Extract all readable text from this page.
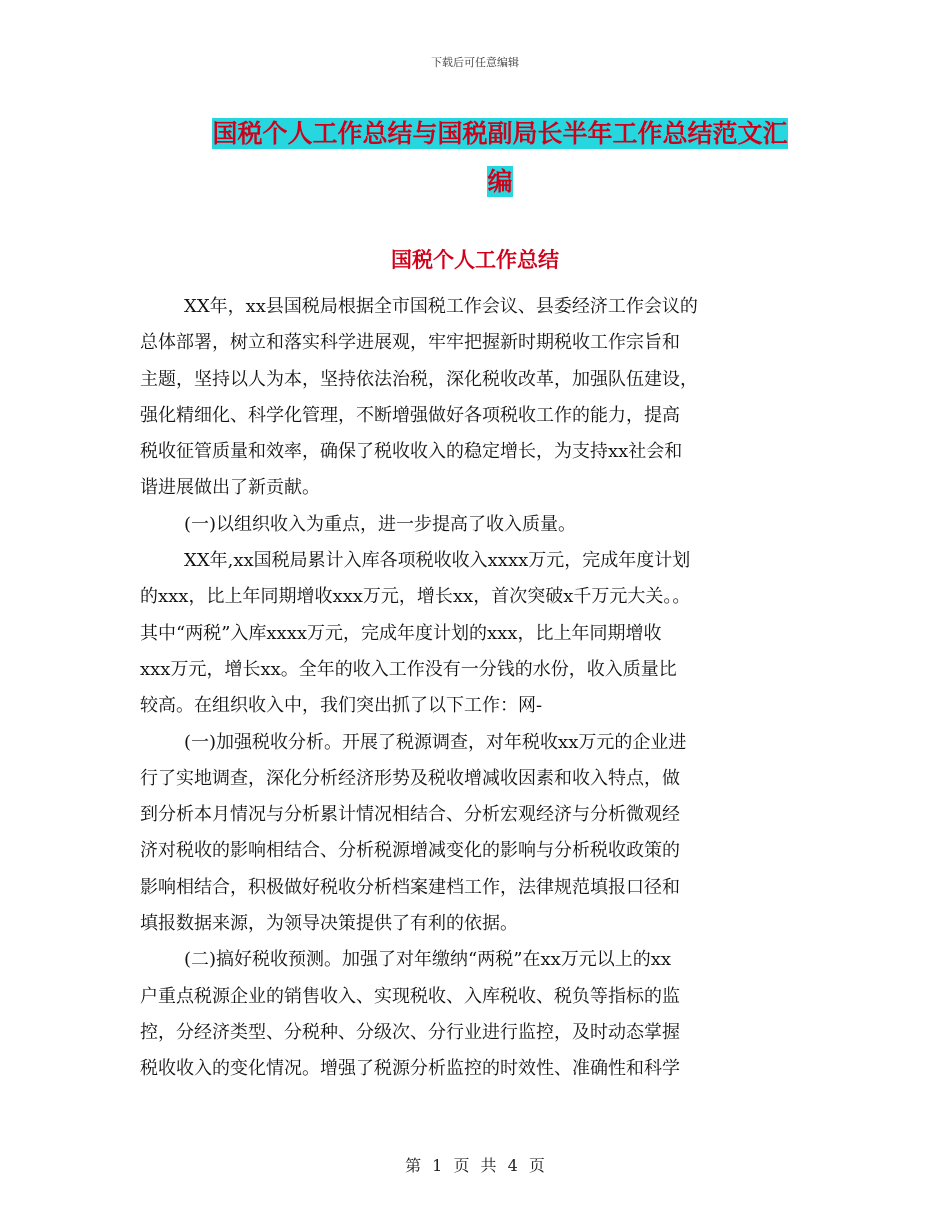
下载后可任意编辑
国税个人工作总结与国税副局长半年工作总结范文汇
编
国税个人工作总结
XX年，xx县国税局根据全市国税工作会议、县委经济工作会议的
总体部署，树立和落实科学进展观，牢牢把握新时期税收工作宗旨和
主题，坚持以人为本，坚持依法治税，深化税收改革，加强队伍建设，
强化精细化、科学化管理，不断增强做好各项税收工作的能力，提高
税收征管质量和效率，确保了税收收入的稳定增长，为支持xx社会和
谐进展做出了新贡献。
(一)以组织收入为重点，进一步提高了收入质量。
XX年,xx国税局累计入库各项税收收入xxxx万元，完成年度计划
的xxx，比上年同期增收xxx万元，增长xx，首次突破x千万元大关。。
其中“两税”入库xxxx万元，完成年度计划的xxx，比上年同期增收
xxx万元，增长xx。全年的收入工作没有一分钱的水份，收入质量比
较高。在组织收入中，我们突出抓了以下工作：网-
(一)加强税收分析。开展了税源调查，对年税收xx万元的企业进
行了实地调查，深化分析经济形势及税收增减收因素和收入特点，做
到分析本月情况与分析累计情况相结合、分析宏观经济与分析微观经
济对税收的影响相结合、分析税源增减变化的影响与分析税收政策的
影响相结合，积极做好税收分析档案建档工作，法律规范填报口径和
填报数据来源，为领导决策提供了有利的依据。
(二)搞好税收预测。加强了对年缴纳“两税”在xx万元以上的xx
户重点税源企业的销售收入、实现税收、入库税收、税负等指标的监
控，分经济类型、分税种、分级次、分行业进行监控，及时动态掌握
税收收入的变化情况。增强了税源分析监控的时效性、准确性和科学
第 1 页 共 4 页
